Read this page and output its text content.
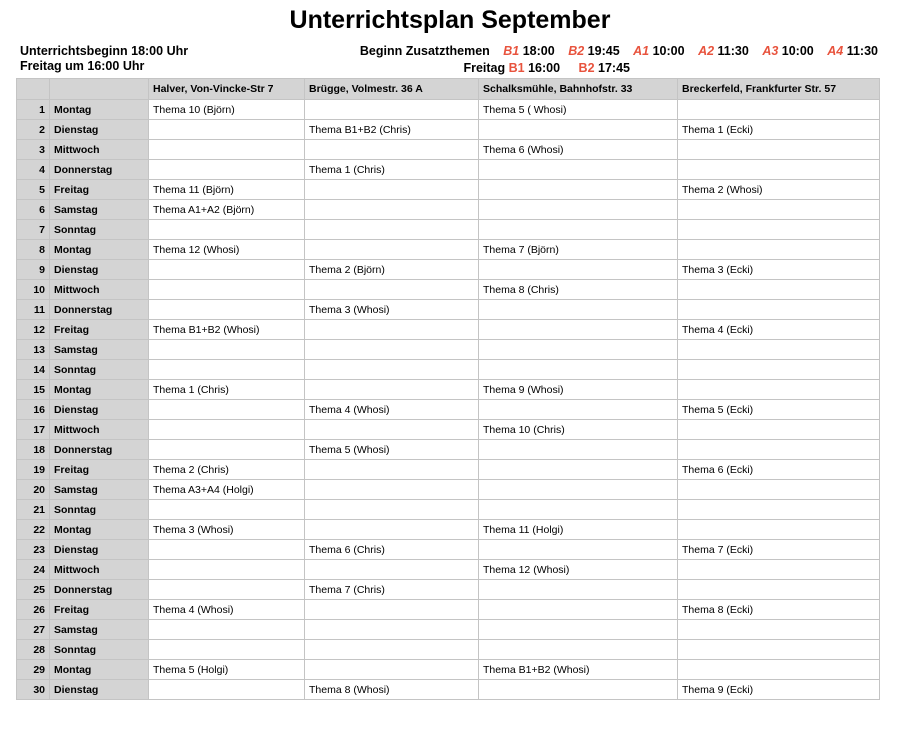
Unterrichtsplan September
Unterrichtsbeginn 18:00 Uhr
Freitag um 16:00 Uhr
Beginn Zusatzthemen B1 18:00 B2 19:45 A1 10:00 A2 11:30 A3 10:00 A4 11:30
Freitag B1 16:00 B2 17:45
		Halver, Von-Vincke-Str 7	Brügge, Volmestr. 36 A	Schalksmühle, Bahnhofstr. 33	Breckerfeld, Frankfurter Str. 57
1	Montag	Thema 10 (Björn)		Thema 5 ( Whosi)	
2	Dienstag		Thema B1+B2 (Chris)		Thema 1 (Ecki)
3	Mittwoch			Thema 6 (Whosi)	
4	Donnerstag		Thema 1 (Chris)		
5	Freitag	Thema 11 (Björn)			Thema 2 (Whosi)
6	Samstag	Thema A1+A2 (Björn)			
7	Sonntag				
8	Montag	Thema 12 (Whosi)		Thema 7 (Björn)	
9	Dienstag		Thema 2 (Björn)		Thema 3 (Ecki)
10	Mittwoch			Thema 8 (Chris)	
11	Donnerstag		Thema 3 (Whosi)		
12	Freitag	Thema B1+B2 (Whosi)			Thema 4 (Ecki)
13	Samstag				
14	Sonntag				
15	Montag	Thema 1 (Chris)		Thema 9 (Whosi)	
16	Dienstag		Thema 4 (Whosi)		Thema 5 (Ecki)
17	Mittwoch			Thema 10 (Chris)	
18	Donnerstag		Thema 5 (Whosi)		
19	Freitag	Thema 2 (Chris)			Thema 6 (Ecki)
20	Samstag	Thema A3+A4 (Holgi)			
21	Sonntag				
22	Montag	Thema 3 (Whosi)		Thema 11 (Holgi)	
23	Dienstag		Thema 6 (Chris)		Thema 7 (Ecki)
24	Mittwoch			Thema 12 (Whosi)	
25	Donnerstag		Thema 7 (Chris)		
26	Freitag	Thema 4 (Whosi)			Thema 8 (Ecki)
27	Samstag				
28	Sonntag				
29	Montag	Thema 5 (Holgi)		Thema B1+B2 (Whosi)	
30	Dienstag		Thema 8 (Whosi)		Thema 9 (Ecki)
